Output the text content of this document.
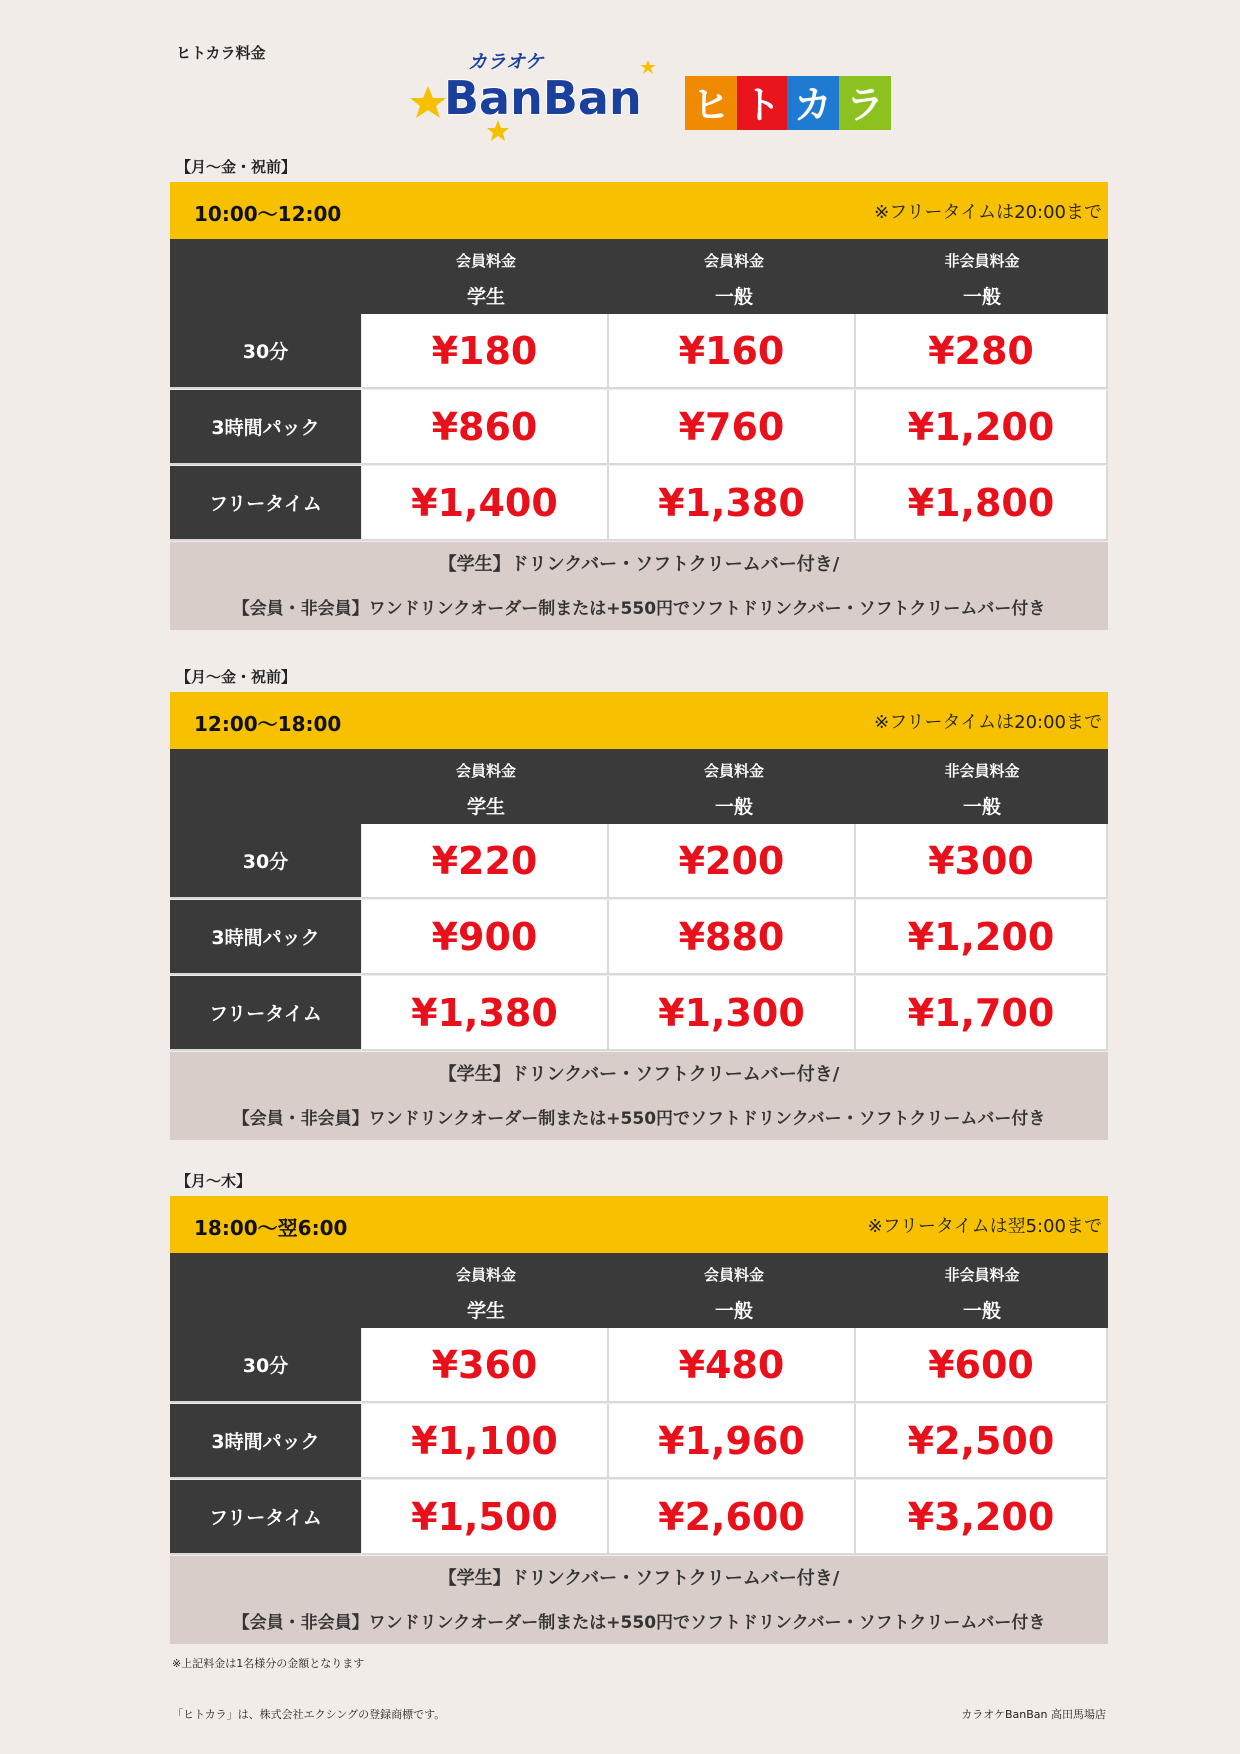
ヒトカラ料金	カラオケ
BanBan ヒ ト カ ラ
【月～金・祝前】
10:00～12:00	※フリータイムは20:00まで
会員料金
学生
会員料金
一般
非会員料金
一般
30分	¥180	¥160	¥280
3時間パック	¥860	¥760	¥1,200
フリータイム	¥1,400	¥1,380	¥1,800
【学生】ドリンクバー・ソフトクリームバー付き/
【会員・非会員】ワンドリンクオーダー制または+550円でソフトドリンクバー・ソフトクリームバー付き
【月～金・祝前】
12:00～18:00	※フリータイムは20:00まで
会員料金
学生
会員料金
一般
非会員料金
一般
30分	¥220	¥200	¥300
3時間パック	¥900	¥880	¥1,200
フリータイム	¥1,380	¥1,300	¥1,700
【学生】ドリンクバー・ソフトクリームバー付き/
【会員・非会員】ワンドリンクオーダー制または+550円でソフトドリンクバー・ソフトクリームバー付き
【月～木】
18:00～翌6:00	※フリータイムは翌5:00まで
会員料金
学生
会員料金
一般
非会員料金
一般
30分	¥360	¥480	¥600
3時間パック	¥1,100	¥1,960	¥2,500
フリータイム	¥1,500	¥2,600	¥3,200
【学生】ドリンクバー・ソフトクリームバー付き/
【会員・非会員】ワンドリンクオーダー制または+550円でソフトドリンクバー・ソフトクリームバー付き
※上記料金は1名様分の金額となります
「ヒトカラ」は、株式会社エクシングの登録商標です。	カラオケBanBan 高田馬場店
